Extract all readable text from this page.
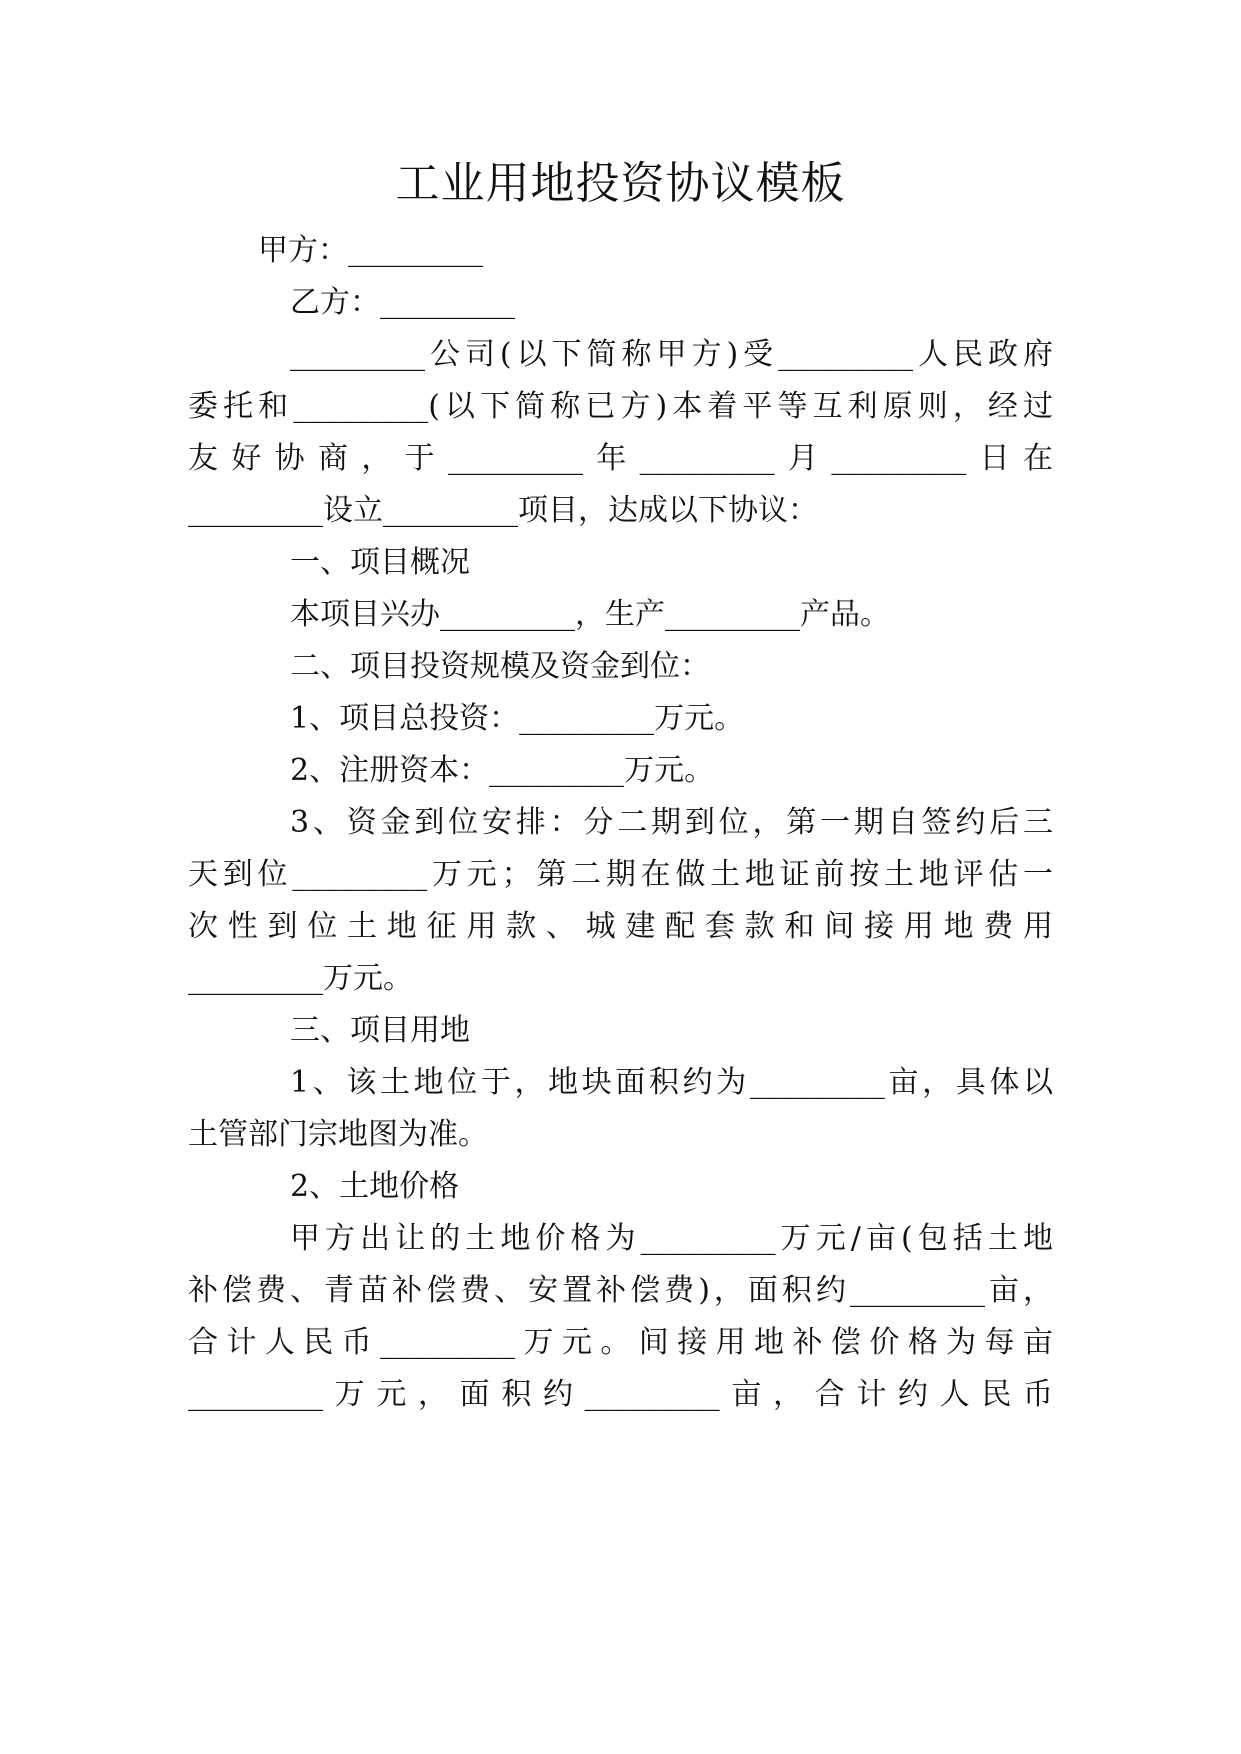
工业用地投资协议模板
甲方：_________
乙方：_________
_________公司(以下简称甲方)受_________人民政府
委托和_________(以下简称已方)本着平等互利原则，经过
友好协商，于_________年_________月_________日在
_________设立_________项目，达成以下协议：
一、项目概况
本项目兴办_________，生产_________产品。
二、项目投资规模及资金到位：
1、项目总投资：_________万元。
2、注册资本：_________万元。
3、资金到位安排：分二期到位，第一期自签约后三
天到位_________万元；第二期在做土地证前按土地评估一
次性到位土地征用款、城建配套款和间接用地费用
_________万元。
三、项目用地
1、该土地位于，地块面积约为_________亩，具体以
土管部门宗地图为准。
2、土地价格
甲方出让的土地价格为_________万元/亩(包括土地
补偿费、青苗补偿费、安置补偿费)，面积约_________亩，
合计人民币_________万元。间接用地补偿价格为每亩
_________万元，面积约_________亩，合计约人民币
